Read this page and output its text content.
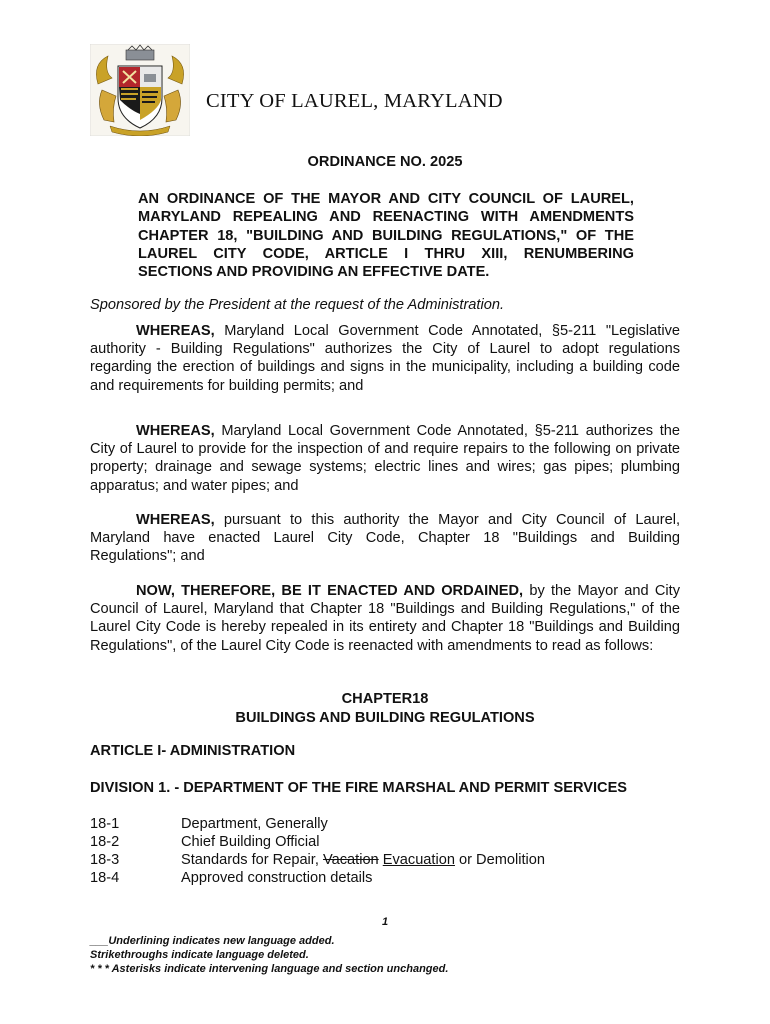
CITY OF LAUREL, MARYLAND
ORDINANCE NO. 2025
AN ORDINANCE OF THE MAYOR AND CITY COUNCIL OF LAUREL,
MARYLAND REPEALING AND REENACTING WITH AMENDMENTS
CHAPTER 18, "BUILDING AND BUILDING REGULATIONS," OF THE
LAUREL CITY CODE, ARTICLE I THRU XIII, RENUMBERING
SECTIONS AND PROVIDING AN EFFECTIVE DATE.
Sponsored by the President at the request of the Administration.
WHEREAS, Maryland Local Government Code Annotated, §5-211 "Legislative
authority - Building Regulations" authorizes the City of Laurel to adopt regulations
regarding the erection of buildings and signs in the municipality, including a building code
and requirements for building permits; and
WHEREAS, Maryland Local Government Code Annotated, §5-211 authorizes the
City of Laurel to provide for the inspection of and require repairs to the following on private
property; drainage and sewage systems; electric lines and wires; gas pipes; plumbing
apparatus; and water pipes; and
WHEREAS, pursuant to this authority the Mayor and City Council of Laurel,
Maryland have enacted Laurel City Code, Chapter 18 "Buildings and Building
Regulations"; and
NOW, THEREFORE, BE IT ENACTED AND ORDAINED, by the Mayor and City
Council of Laurel, Maryland that Chapter 18 "Buildings and Building Regulations," of the
Laurel City Code is hereby repealed in its entirety and Chapter 18 "Buildings and Building
Regulations", of the Laurel City Code is reenacted with amendments to read as follows:
CHAPTER18
BUILDINGS AND BUILDING REGULATIONS
ARTICLE I- ADMINISTRATION
DIVISION 1. - DEPARTMENT OF THE FIRE MARSHAL AND PERMIT SERVICES
18-1	Department, Generally
18-2	Chief Building Official
18-3	Standards for Repair, Vacation Evacuation or Demolition
18-4	Approved construction details
1
___Underlining indicates new language added.
Strikethroughs indicate language deleted.
* * * Asterisks indicate intervening language and section unchanged.
